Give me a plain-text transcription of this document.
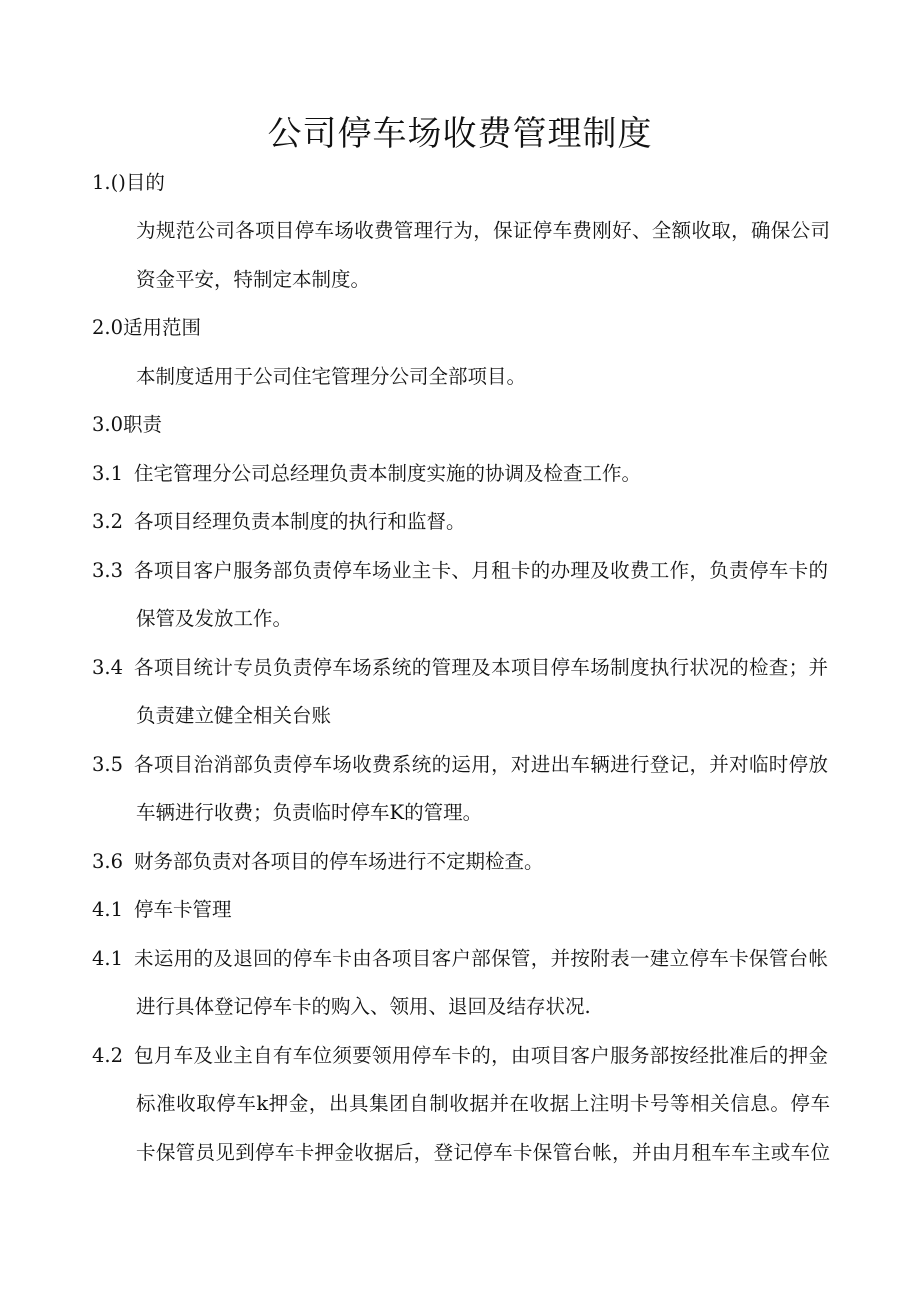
公司停车场收费管理制度
1.()目的
为规范公司各项目停车场收费管理行为，保证停车费刚好、全额收取，确保公司
资金平安，特制定本制度。
2.0适用范围
本制度适用于公司住宅管理分公司全部项目。
3.0职责
3.1 住宅管理分公司总经理负责本制度实施的协调及检查工作。
3.2 各项目经理负责本制度的执行和监督。
3.3 各项目客户服务部负责停车场业主卡、月租卡的办理及收费工作，负责停车卡的
保管及发放工作。
3.4 各项目统计专员负责停车场系统的管理及本项目停车场制度执行状况的检查；并
负责建立健全相关台账
3.5 各项目治消部负责停车场收费系统的运用，对进出车辆进行登记，并对临时停放
车辆进行收费；负责临时停车K的管理。
3.6 财务部负责对各项目的停车场进行不定期检查。
4.1 停车卡管理
4.1 未运用的及退回的停车卡由各项目客户部保管，并按附表一建立停车卡保管台帐
进行具体登记停车卡的购入、领用、退回及结存状况.
4.2 包月车及业主自有车位须要领用停车卡的，由项目客户服务部按经批准后的押金
标准收取停车k押金，出具集团自制收据并在收据上注明卡号等相关信息。停车
卡保管员见到停车卡押金收据后，登记停车卡保管台帐，并由月租车车主或车位
